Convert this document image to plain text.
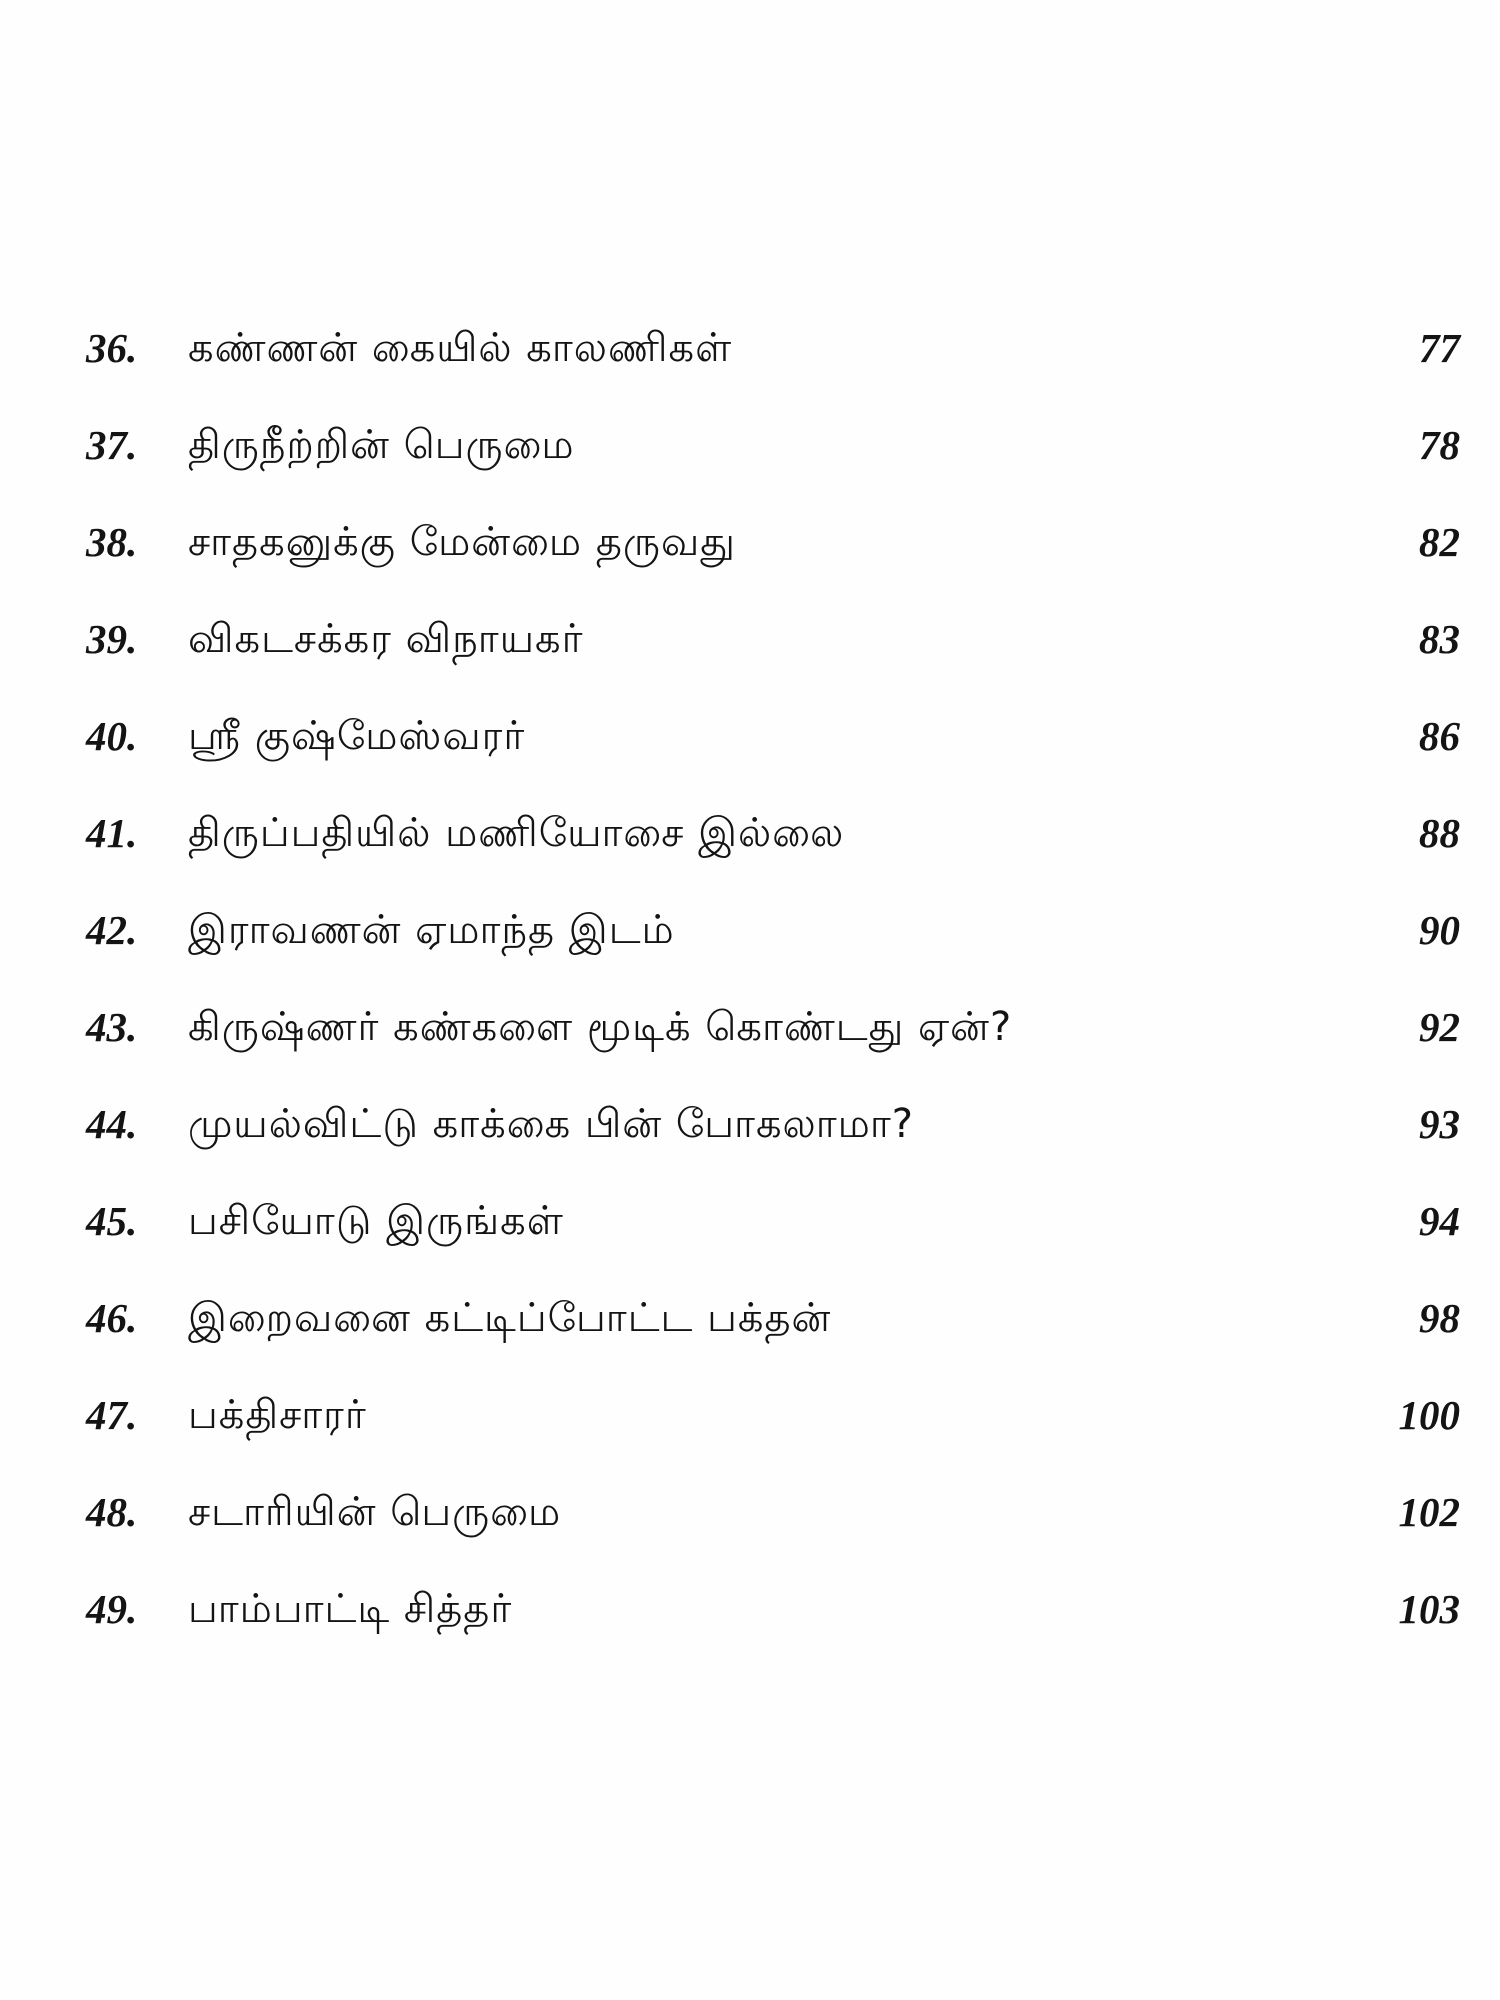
36.	கண்ணன் கையில் காலணிகள்	77
37.	திருநீற்றின் பெருமை	78
38.	சாதகனுக்கு மேன்மை தருவது	82
39.	விகடசக்கர விநாயகர்	83
40.	ஸ்ரீ குஷ்மேஸ்வரர்	86
41.	திருப்பதியில் மணியோசை இல்லை	88
42.	இராவணன் ஏமாந்த இடம்	90
43.	கிருஷ்ணர் கண்களை மூடிக் கொண்டது ஏன்?	92
44.	முயல்விட்டு காக்கை பின் போகலாமா?	93
45.	பசியோடு இருங்கள்	94
46.	இறைவனை கட்டிப்போட்ட பக்தன்	98
47.	பக்திசாரர்	100
48.	சடாரியின் பெருமை	102
49.	பாம்பாட்டி சித்தர்	103
